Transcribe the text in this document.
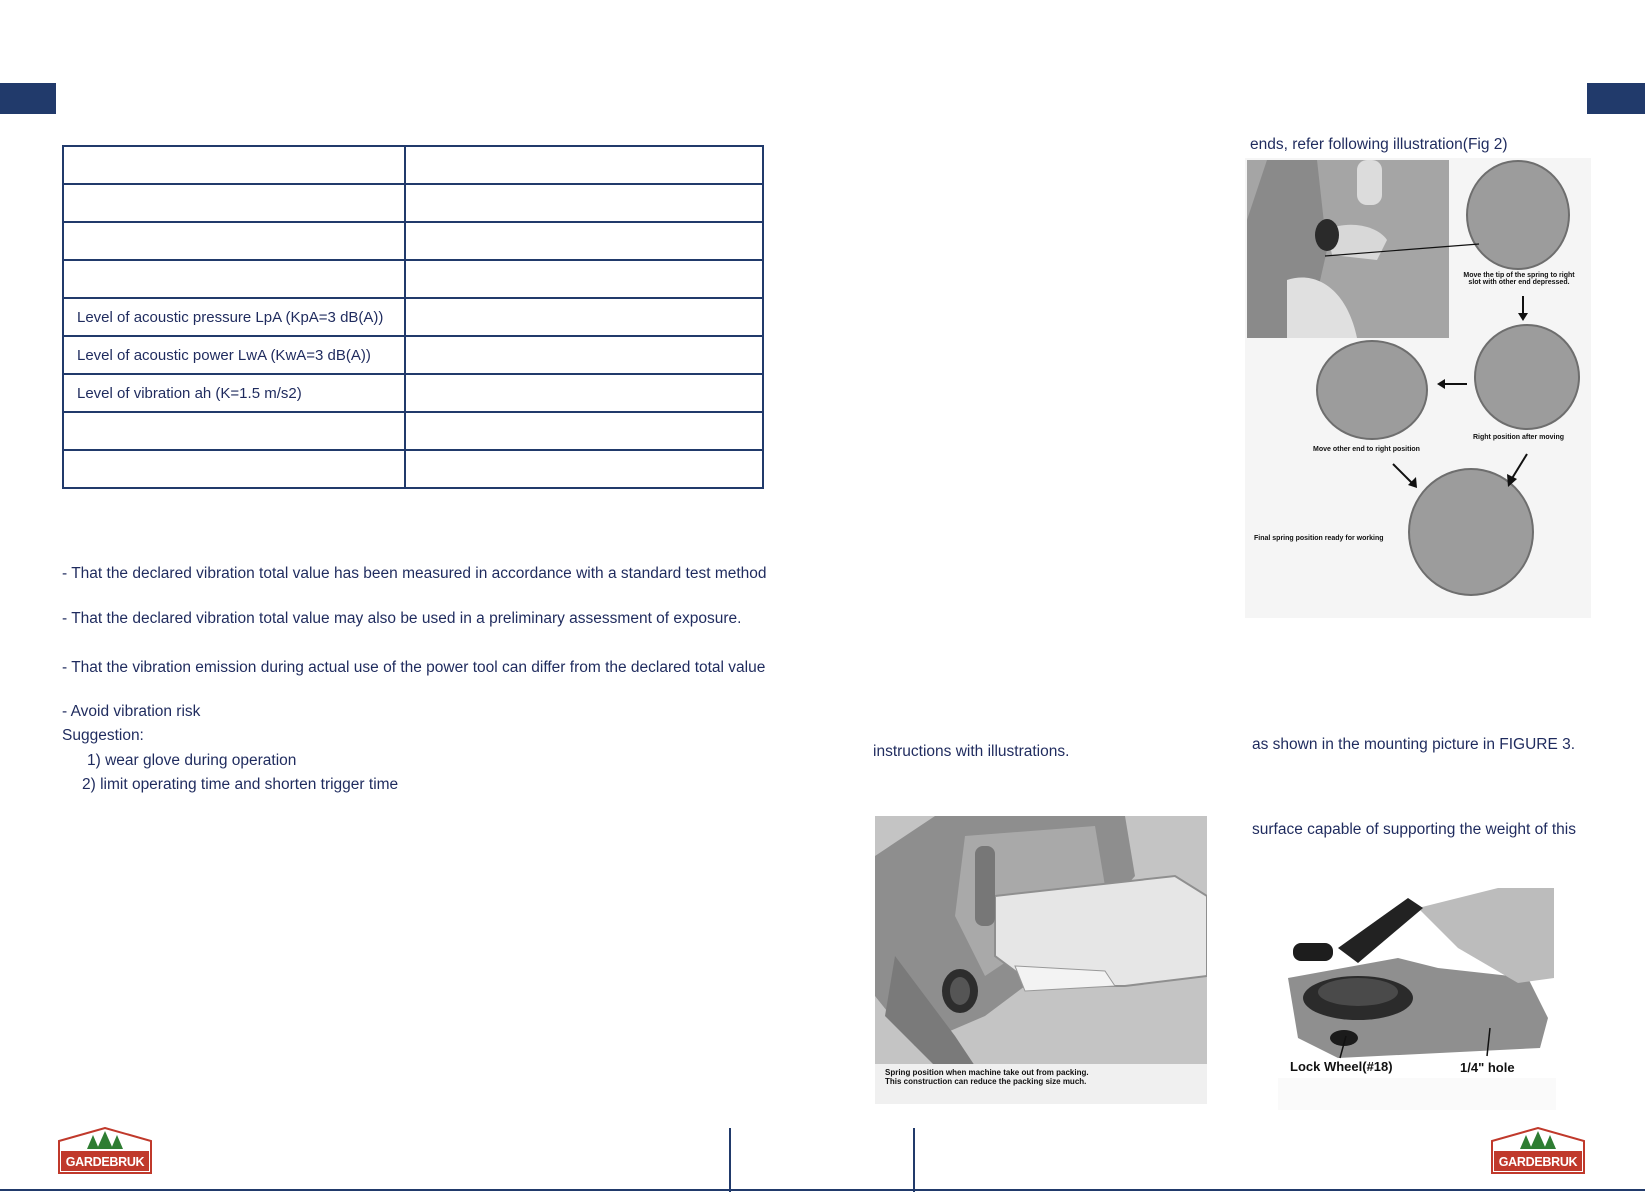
Level of acoustic pressure LpA (KpA=3 dB(A))	
Level of acoustic power LwA (KwA=3 dB(A))	
Level of vibration ah (K=1.5 m/s2)	

- That the declared vibration total value has been measured in accordance with a standard test method
- That the declared vibration total value may also be used in a preliminary assessment of exposure.
- That the vibration emission during actual use of the power tool can differ from the declared total value
- Avoid vibration risk
Suggestion:
1) wear glove during operation
2) limit operating time and shorten trigger time
instructions with illustrations.
Spring position when machine take out from packing.
This construction can reduce the packing size much.
ends, refer following illustration(Fig 2)
Move the tip of the spring to right slot with other end depressed.
Right position after moving
Move other end to right position
Final spring position ready for working
as shown in the mounting picture in FIGURE 3.
surface capable of supporting the weight of this
Lock Wheel(#18)	1/4" hole
GARDEBRUK	GARDEBRUK
